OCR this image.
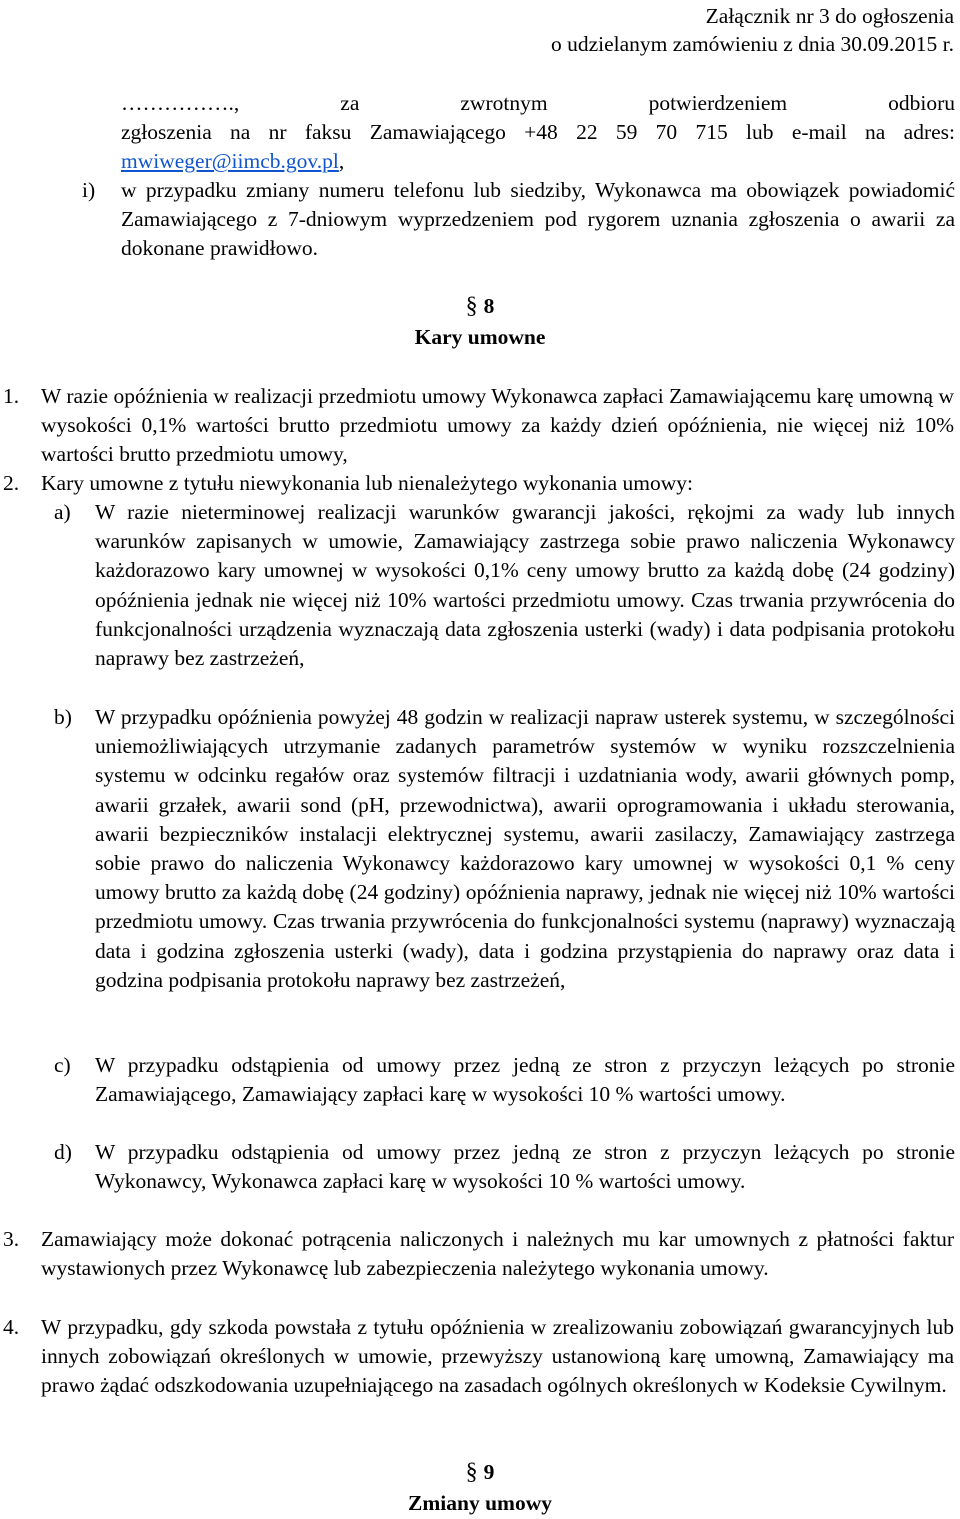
Załącznik nr 3 do ogłoszenia
o udzielanym zamówieniu z dnia 30.09.2015 r.
……………., za zwrotnym potwierdzeniem odbioru
zgłoszenia na nr faksu Zamawiającego +48 22 59 70 715 lub e-mail na adres:
mwiweger@iimcb.gov.pl,
i) w przypadku zmiany numeru telefonu lub siedziby, Wykonawca ma obowiązek powiadomić Zamawiającego z 7-dniowym wyprzedzeniem pod rygorem uznania zgłoszenia o awarii za dokonane prawidłowo.
§ 8
Kary umowne
1. W razie opóźnienia w realizacji przedmiotu umowy Wykonawca zapłaci Zamawiającemu karę umowną w wysokości 0,1% wartości brutto przedmiotu umowy za każdy dzień opóźnienia, nie więcej niż 10% wartości brutto przedmiotu umowy,
2. Kary umowne z tytułu niewykonania lub nienależytego wykonania umowy:
a) W razie nieterminowej realizacji warunków gwarancji jakości, rękojmi za wady lub innych warunków zapisanych w umowie, Zamawiający zastrzega sobie prawo naliczenia Wykonawcy każdorazowo kary umownej w wysokości 0,1% ceny umowy brutto za każdą dobę (24 godziny) opóźnienia jednak nie więcej niż 10% wartości przedmiotu umowy. Czas trwania przywrócenia do funkcjonalności urządzenia wyznaczają data zgłoszenia usterki (wady) i data podpisania protokołu naprawy bez zastrzeżeń,
b) W przypadku opóźnienia powyżej 48 godzin w realizacji napraw usterek systemu, w szczególności uniemożliwiających utrzymanie zadanych parametrów systemów w wyniku rozszczelnienia systemu w odcinku regałów oraz systemów filtracji i uzdatniania wody, awarii głównych pomp, awarii grzałek, awarii sond (pH, przewodnictwa), awarii oprogramowania i układu sterowania, awarii bezpieczników instalacji elektrycznej systemu, awarii zasilaczy, Zamawiający zastrzega sobie prawo do naliczenia Wykonawcy każdorazowo kary umownej w wysokości 0,1 % ceny umowy brutto za każdą dobę (24 godziny) opóźnienia naprawy, jednak nie więcej niż 10% wartości przedmiotu umowy. Czas trwania przywrócenia do funkcjonalności systemu (naprawy) wyznaczają data i godzina zgłoszenia usterki (wady), data i godzina przystąpienia do naprawy oraz data i godzina podpisania protokołu naprawy bez zastrzeżeń,
c) W przypadku odstąpienia od umowy przez jedną ze stron z przyczyn leżących po stronie Zamawiającego, Zamawiający zapłaci karę w wysokości 10 % wartości umowy.
d) W przypadku odstąpienia od umowy przez jedną ze stron z przyczyn leżących po stronie Wykonawcy, Wykonawca zapłaci karę w wysokości 10 % wartości umowy.
3. Zamawiający może dokonać potrącenia naliczonych i należnych mu kar umownych z płatności faktur wystawionych przez Wykonawcę lub zabezpieczenia należytego wykonania umowy.
4. W przypadku, gdy szkoda powstała z tytułu opóźnienia w zrealizowaniu zobowiązań gwarancyjnych lub innych zobowiązań określonych w umowie, przewyższy ustanowioną karę umowną, Zamawiający ma prawo żądać odszkodowania uzupełniającego na zasadach ogólnych określonych w Kodeksie Cywilnym.
§ 9
Zmiany umowy
